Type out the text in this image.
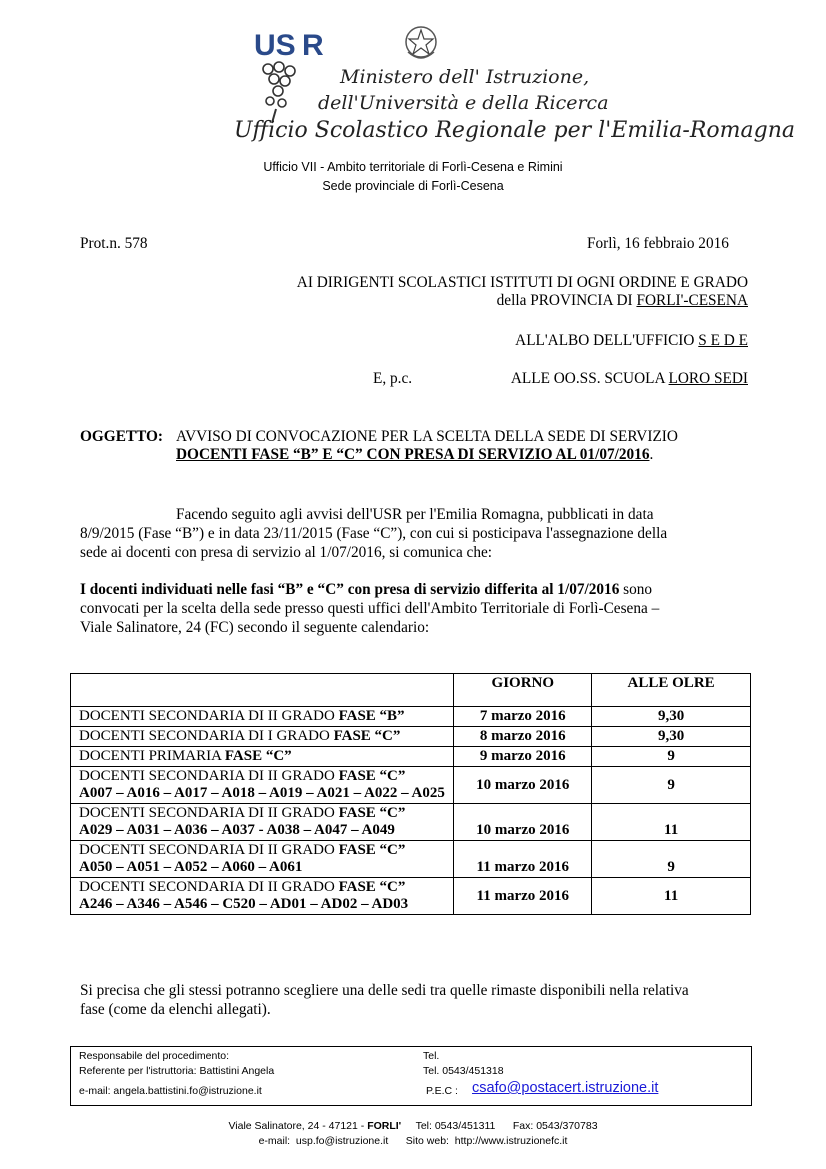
US R
Ministero dell' Istruzione,
dell'Università e della Ricerca
Ufficio Scolastico Regionale per l'Emilia-Romagna
Ufficio VII - Ambito territoriale di Forlì-Cesena e Rimini
Sede provinciale di Forlì-Cesena
Prot.n. 578	Forlì, 16 febbraio 2016
AI DIRIGENTI SCOLASTICI ISTITUTI DI OGNI ORDINE E GRADO
della PROVINCIA DI FORLI'-CESENA
ALL'ALBO DELL'UFFICIO S E D E
E, p.c.	ALLE OO.SS. SCUOLA LORO SEDI
OGGETTO: AVVISO DI CONVOCAZIONE PER LA SCELTA DELLA SEDE DI SERVIZIO
DOCENTI FASE “B” E “C” CON PRESA DI SERVIZIO AL 01/07/2016.
Facendo seguito agli avvisi dell'USR per l'Emilia Romagna, pubblicati in data
8/9/2015 (Fase “B”) e in data 23/11/2015 (Fase “C”), con cui si posticipava l'assegnazione della
sede ai docenti con presa di servizio al 1/07/2016, si comunica che:
I docenti individuati nelle fasi “B” e “C” con presa di servizio differita al 1/07/2016 sono
convocati per la scelta della sede presso questi uffici dell'Ambito Territoriale di Forlì-Cesena –
Viale Salinatore, 24 (FC) secondo il seguente calendario:
	GIORNO	ALLE OLRE
DOCENTI SECONDARIA DI II GRADO FASE “B”	7 marzo 2016	9,30
DOCENTI SECONDARIA DI I GRADO FASE “C”	8 marzo 2016	9,30
DOCENTI PRIMARIA FASE “C”	9 marzo 2016	9
DOCENTI SECONDARIA DI II GRADO FASE “C”
A007 – A016 – A017 – A018 – A019 – A021 – A022 – A025	10 marzo 2016	9
DOCENTI SECONDARIA DI II GRADO FASE “C”
A029 – A031 – A036 – A037 - A038 – A047 – A049	10 marzo 2016	11
DOCENTI SECONDARIA DI II GRADO FASE “C”
A050 – A051 – A052 – A060 – A061	11 marzo 2016	9
DOCENTI SECONDARIA DI II GRADO FASE “C”
A246 – A346 – A546 – C520 – AD01 – AD02 – AD03	11 marzo 2016	11
Si precisa che gli stessi potranno scegliere una delle sedi tra quelle rimaste disponibili nella relativa
fase (come da elenchi allegati).
Responsabile del procedimento:	Tel.
Referente per l'istruttoria: Battistini Angela	Tel. 0543/451318
e-mail: angela.battistini.fo@istruzione.it	P.E.C : csafo@postacert.istruzione.it
Viale Salinatore, 24 - 47121 - FORLI'     Tel: 0543/451311      Fax: 0543/370783
e-mail:  usp.fo@istruzione.it      Sito web:  http://www.istruzionefc.it
